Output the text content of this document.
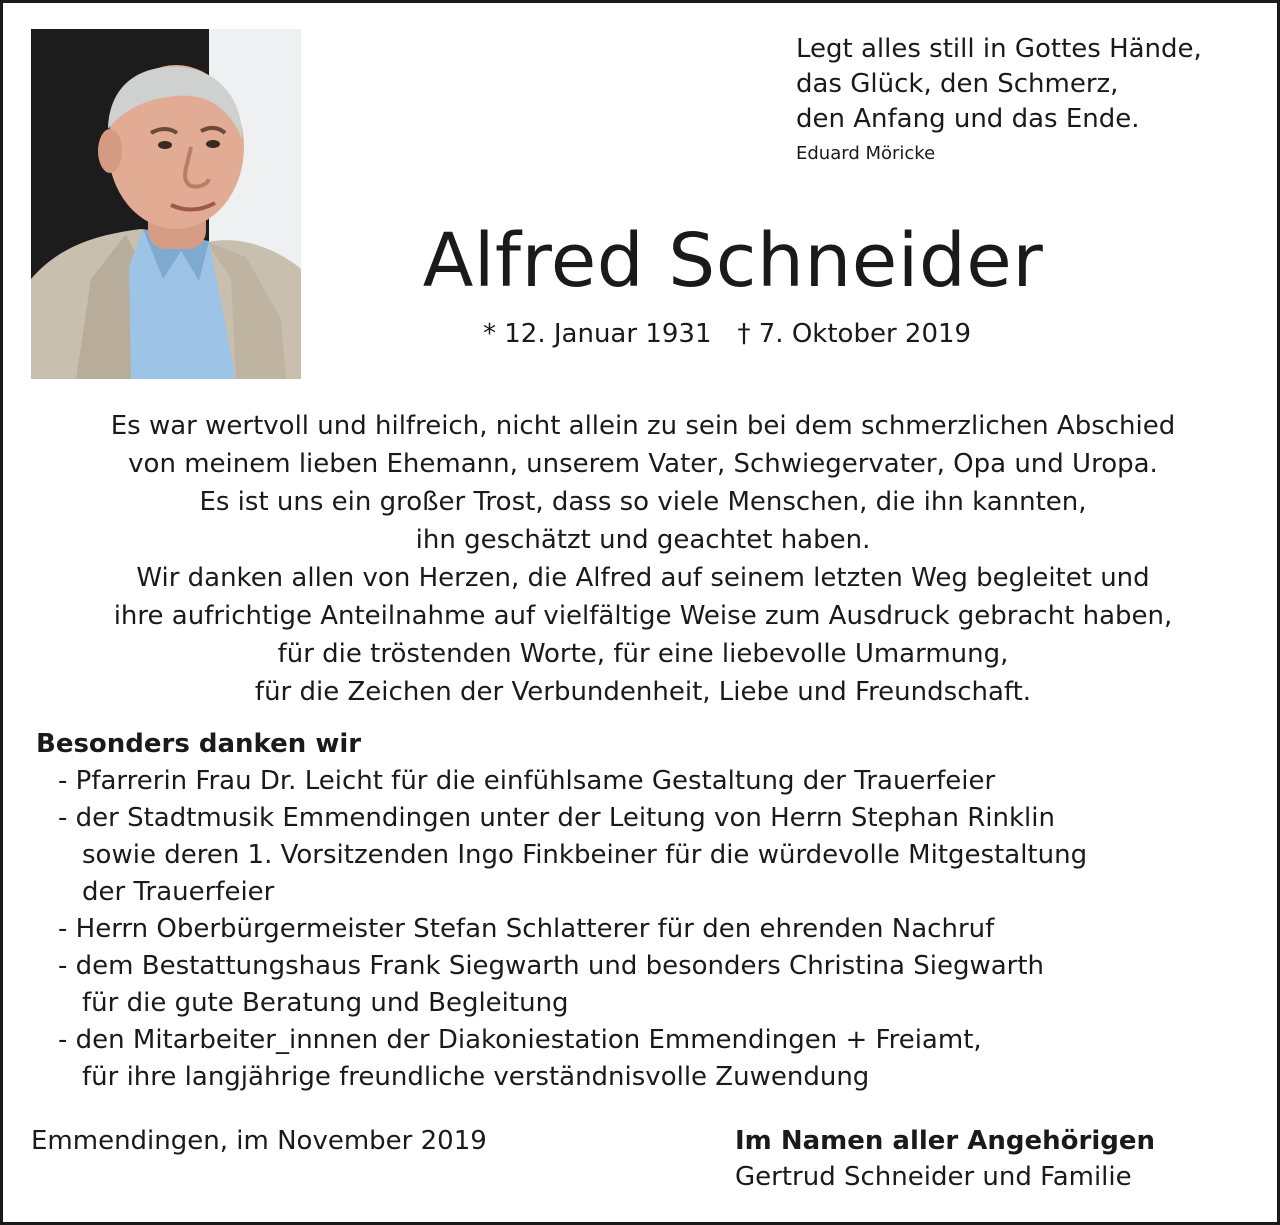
Legt alles still in Gottes Hände,
das Glück, den Schmerz,
den Anfang und das Ende.
Eduard Möricke
Alfred Schneider
* 12. Januar 1931 † 7. Oktober 2019
Es war wertvoll und hilfreich, nicht allein zu sein bei dem schmerzlichen Abschied
von meinem lieben Ehemann, unserem Vater, Schwiegervater, Opa und Uropa.
Es ist uns ein großer Trost, dass so viele Menschen, die ihn kannten,
ihn geschätzt und geachtet haben.
Wir danken allen von Herzen, die Alfred auf seinem letzten Weg begleitet und
ihre aufrichtige Anteilnahme auf vielfältige Weise zum Ausdruck gebracht haben,
für die tröstenden Worte, für eine liebevolle Umarmung,
für die Zeichen der Verbundenheit, Liebe und Freundschaft.
Besonders danken wir
- Pfarrerin Frau Dr. Leicht für die einfühlsame Gestaltung der Trauerfeier
- der Stadtmusik Emmendingen unter der Leitung von Herrn Stephan Rinklin
sowie deren 1. Vorsitzenden Ingo Finkbeiner für die würdevolle Mitgestaltung
der Trauerfeier
- Herrn Oberbürgermeister Stefan Schlatterer für den ehrenden Nachruf
- dem Bestattungshaus Frank Siegwarth und besonders Christina Siegwarth
für die gute Beratung und Begleitung
- den Mitarbeiter_innnen der Diakoniestation Emmendingen + Freiamt,
für ihre langjährige freundliche verständnisvolle Zuwendung
Emmendingen, im November 2019	Im Namen aller Angehörigen
Gertrud Schneider und Familie
